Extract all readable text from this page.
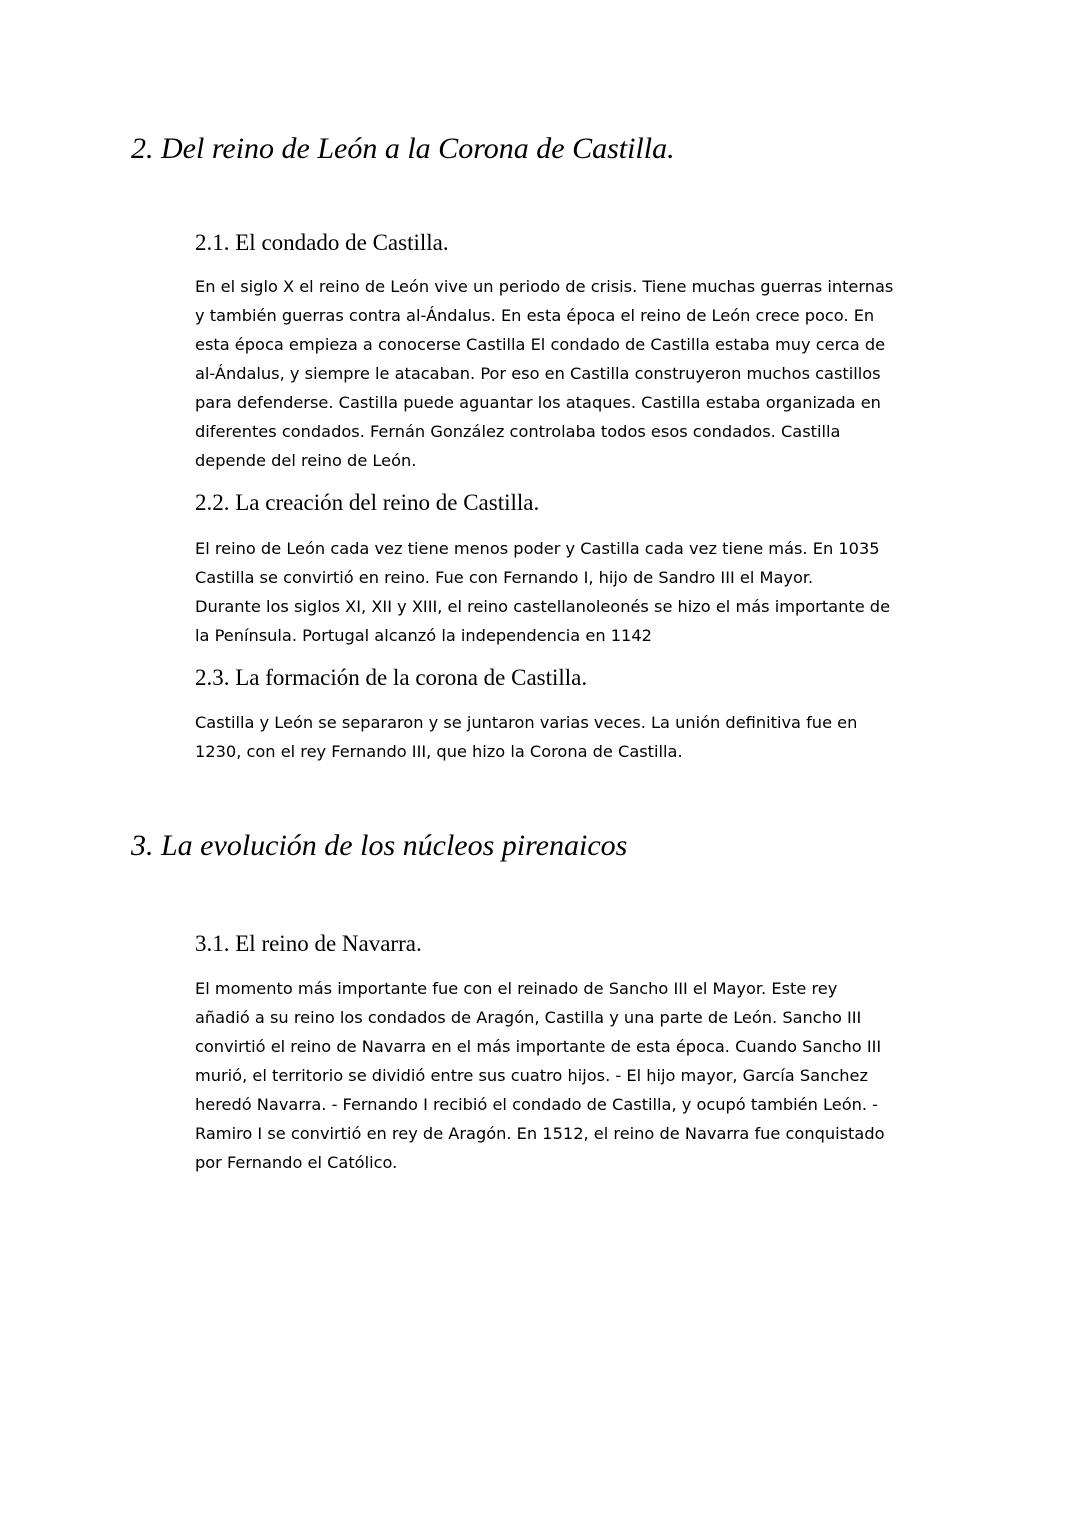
2. Del reino de León a la Corona de Castilla.
2.1. El condado de Castilla.
En el siglo X el reino de León vive un periodo de crisis. Tiene muchas guerras internas
y también guerras contra al-Ándalus. En esta época el reino de León crece poco. En
esta época empieza a conocerse Castilla El condado de Castilla estaba muy cerca de
al-Ándalus, y siempre le atacaban. Por eso en Castilla construyeron muchos castillos
para defenderse. Castilla puede aguantar los ataques. Castilla estaba organizada en
diferentes condados. Fernán González controlaba todos esos condados. Castilla
depende del reino de León.
2.2. La creación del reino de Castilla.
El reino de León cada vez tiene menos poder y Castilla cada vez tiene más. En 1035
Castilla se convirtió en reino. Fue con Fernando I, hijo de Sandro III el Mayor.
Durante los siglos XI, XII y XIII, el reino castellanoleonés se hizo el más importante de
la Península. Portugal alcanzó la independencia en 1142
2.3. La formación de la corona de Castilla.
Castilla y León se separaron y se juntaron varias veces. La unión definitiva fue en
1230, con el rey Fernando III, que hizo la Corona de Castilla.
3. La evolución de los núcleos pirenaicos
3.1. El reino de Navarra.
El momento más importante fue con el reinado de Sancho III el Mayor. Este rey
añadió a su reino los condados de Aragón, Castilla y una parte de León. Sancho III
convirtió el reino de Navarra en el más importante de esta época. Cuando Sancho III
murió, el territorio se dividió entre sus cuatro hijos. - El hijo mayor, García Sanchez
heredó Navarra. - Fernando I recibió el condado de Castilla, y ocupó también León. -
Ramiro I se convirtió en rey de Aragón. En 1512, el reino de Navarra fue conquistado
por Fernando el Católico.
